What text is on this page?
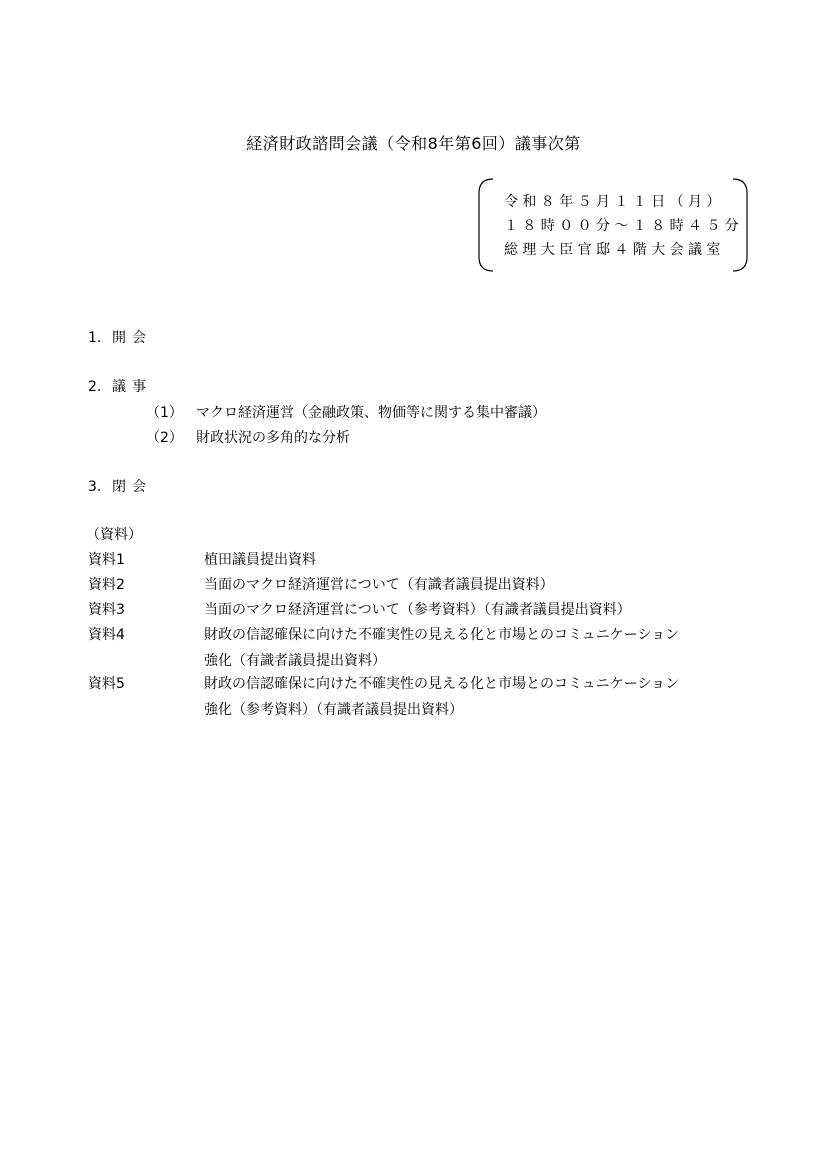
経済財政諮問会議（令和8年第6回）議事次第
令和８年５月１１日（月）
１８時００分～１８時４５分
総理大臣官邸４階大会議室
1. 開会
2. 議事
（1） マクロ経済運営（金融政策、物価等に関する集中審議）
（2） 財政状況の多角的な分析
3. 閉会
（資料）
資料1	植田議員提出資料
資料2	当面のマクロ経済運営について（有識者議員提出資料）
資料3	当面のマクロ経済運営について（参考資料）（有識者議員提出資料）
資料4	財政の信認確保に向けた不確実性の見える化と市場とのコミュニケーション
強化（有識者議員提出資料）
資料5	財政の信認確保に向けた不確実性の見える化と市場とのコミュニケーション
強化（参考資料）（有識者議員提出資料）
